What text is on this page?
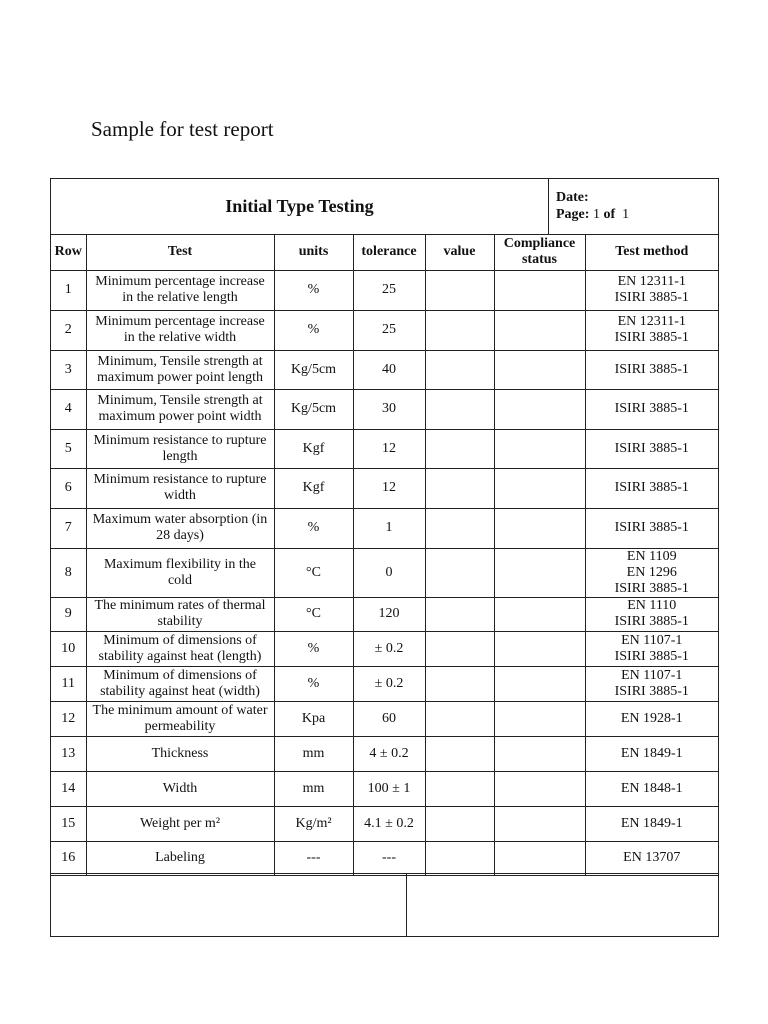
Sample for test report
Initial Type Testing	Date:
Page: 1 of 1
Row	Test	units	tolerance	value	Compliance
status	Test method
1	Minimum percentage increase
in the relative length	%	25			EN 12311-1
ISIRI 3885-1
2	Minimum percentage increase
in the relative width	%	25			EN 12311-1
ISIRI 3885-1
3	Minimum, Tensile strength at
maximum power point length	Kg/5cm	40			ISIRI 3885-1
4	Minimum, Tensile strength at
maximum power point width	Kg/5cm	30			ISIRI 3885-1
5	Minimum resistance to rupture
length	Kgf	12			ISIRI 3885-1
6	Minimum resistance to rupture
width	Kgf	12			ISIRI 3885-1
7	Maximum water absorption (in
28 days)	%	1			ISIRI 3885-1
8	Maximum flexibility in the
cold	°C	0			EN 1109
EN 1296
ISIRI 3885-1
9	The minimum rates of thermal
stability	°C	120			EN 1110
ISIRI 3885-1
10	Minimum of dimensions of
stability against heat (length)	%	± 0.2			EN 1107-1
ISIRI 3885-1
11	Minimum of dimensions of
stability against heat (width)	%	± 0.2			EN 1107-1
ISIRI 3885-1
12	The minimum amount of water
permeability	Kpa	60			EN 1928-1
13	Thickness	mm	4 ± 0.2			EN 1849-1
14	Width	mm	100 ± 1			EN 1848-1
15	Weight per m²	Kg/m²	4.1 ± 0.2			EN 1849-1
16	Labeling	---	---			EN 13707
